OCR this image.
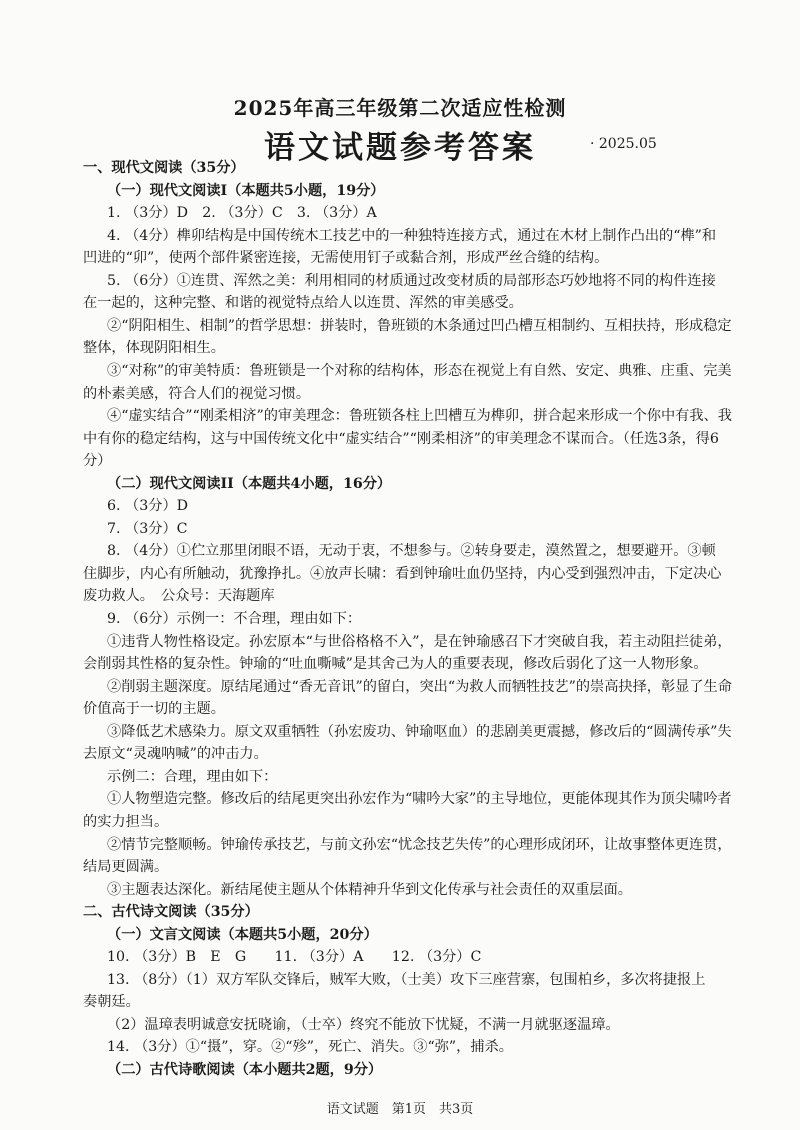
2025年高三年级第二次适应性检测
语文试题参考答案	· 2025.05
一、现代文阅读（35分）
（一）现代文阅读I（本题共5小题，19分）
1. （3分）D　2. （3分）C　3. （3分）A
4. （4分）榫卯结构是中国传统木工技艺中的一种独特连接方式，通过在木材上制作凸出的“榫”和
凹进的“卯”，使两个部件紧密连接，无需使用钉子或黏合剂，形成严丝合缝的结构。
5. （6分）①连贯、浑然之美：利用相同的材质通过改变材质的局部形态巧妙地将不同的构件连接
在一起的，这种完整、和谐的视觉特点给人以连贯、浑然的审美感受。
②“阴阳相生、相制”的哲学思想：拼装时，鲁班锁的木条通过凹凸槽互相制约、互相扶持，形成稳定
整体，体现阴阳相生。
③“对称”的审美特质：鲁班锁是一个对称的结构体，形态在视觉上有自然、安定、典雅、庄重、完美
的朴素美感，符合人们的视觉习惯。
④“虚实结合”“刚柔相济”的审美理念：鲁班锁各柱上凹槽互为榫卯，拼合起来形成一个你中有我、我
中有你的稳定结构，这与中国传统文化中“虚实结合”“刚柔相济”的审美理念不谋而合。（任选3条，得6
分）
（二）现代文阅读II（本题共4小题，16分）
6. （3分）D
7. （3分）C
8. （4分）①伫立那里闭眼不语，无动于衷，不想参与。②转身要走，漠然置之，想要避开。③顿
住脚步，内心有所触动，犹豫挣扎。④放声长啸：看到钟瑜吐血仍坚持，内心受到强烈冲击，下定决心
废功救人。　公众号：天海题库
9. （6分）示例一：不合理，理由如下：
①违背人物性格设定。孙宏原本“与世俗格格不入”，是在钟瑜感召下才突破自我，若主动阻拦徒弟，
会削弱其性格的复杂性。钟瑜的“吐血嘶喊”是其舍己为人的重要表现，修改后弱化了这一人物形象。
②削弱主题深度。原结尾通过“香无音讯”的留白，突出“为救人而牺牲技艺”的崇高抉择，彰显了生命
价值高于一切的主题。
③降低艺术感染力。原文双重牺牲（孙宏废功、钟瑜呕血）的悲剧美更震撼，修改后的“圆满传承”失
去原文“灵魂呐喊”的冲击力。
示例二：合理，理由如下：
①人物塑造完整。修改后的结尾更突出孙宏作为“啸吟大家”的主导地位，更能体现其作为顶尖啸吟者
的实力担当。
②情节完整顺畅。钟瑜传承技艺，与前文孙宏“忧念技艺失传”的心理形成闭环，让故事整体更连贯，
结局更圆满。
③主题表达深化。新结尾使主题从个体精神升华到文化传承与社会责任的双重层面。
二、古代诗文阅读（35分）
（一）文言文阅读（本题共5小题，20分）
10. （3分）B　E　G　　11. （3分）A　　12. （3分）C
13. （8分）（1）双方军队交锋后，贼军大败，（士美）攻下三座营寨，包围柏乡，多次将捷报上
奏朝廷。
（2）温璋表明诚意安抚晓谕，（士卒）终究不能放下忧疑，不满一月就驱逐温璋。
14. （3分）①“摄”，穿。②“殄”，死亡、消失。③“弥”，捕杀。
（二）古代诗歌阅读（本小题共2题，9分）
语文试题　第1页　共3页
